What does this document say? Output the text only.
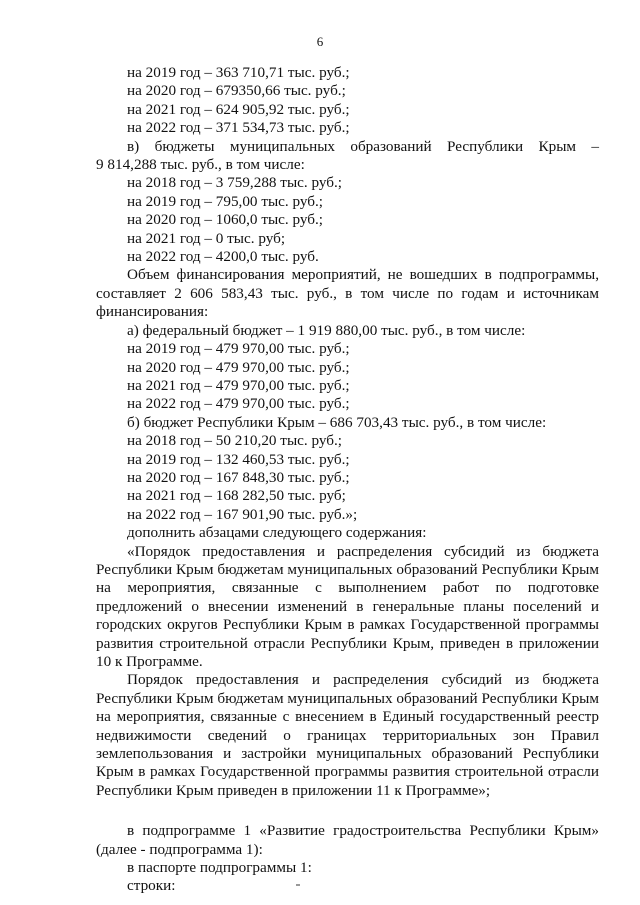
6

на 2019 год – 363 710,71 тыс. руб.;

на 2020 год – 679350,66 тыс. руб.;

на 2021 год – 624 905,92 тыс. руб.;

на 2022 год – 371 534,73 тыс. руб.;

в) бюджеты муниципальных образований Республики Крым –

9 814,288 тыс. руб., в том числе:

на 2018 год – 3 759,288 тыс. руб.;

на 2019 год – 795,00 тыс. руб.;

на 2020 год – 1060,0 тыс. руб.;

на 2021 год – 0 тыс. руб;

на 2022 год – 4200,0 тыс. руб.

Объем финансирования мероприятий, не вошедших в подпрограммы, составляет 2 606 583,43 тыс. руб., в том числе по годам и источникам финансирования:

а) федеральный бюджет – 1 919 880,00 тыс. руб., в том числе:

на 2019 год – 479 970,00 тыс. руб.;

на 2020 год – 479 970,00 тыс. руб.;

на 2021 год – 479 970,00 тыс. руб.;

на 2022 год – 479 970,00 тыс. руб.;

б) бюджет Республики Крым – 686 703,43 тыс. руб., в том числе:

на 2018 год – 50 210,20 тыс. руб.;

на 2019 год – 132 460,53 тыс. руб.;

на 2020 год – 167 848,30 тыс. руб.;

на 2021 год – 168 282,50 тыс. руб;

на 2022 год – 167 901,90 тыс. руб.»;

дополнить абзацами следующего содержания:

«Порядок предоставления и распределения субсидий из бюджета Республики Крым бюджетам муниципальных образований Республики Крым на мероприятия, связанные с выполнением работ по подготовке предложений о внесении изменений в генеральные планы поселений и городских округов Республики Крым в рамках Государственной программы развития строительной отрасли Республики Крым, приведен в приложении 10 к Программе.

Порядок предоставления и распределения субсидий из бюджета Республики Крым бюджетам муниципальных образований Республики Крым на мероприятия, связанные с внесением в Единый государственный реестр недвижимости сведений о границах территориальных зон Правил землепользования и застройки муниципальных образований Республики Крым в рамках Государственной программы развития строительной отрасли Республики Крым приведен в приложении 11 к Программе»;

в подпрограмме 1 «Развитие градостроительства Республики Крым» (далее - подпрограмма 1):

в паспорте подпрограммы 1:

строки:
